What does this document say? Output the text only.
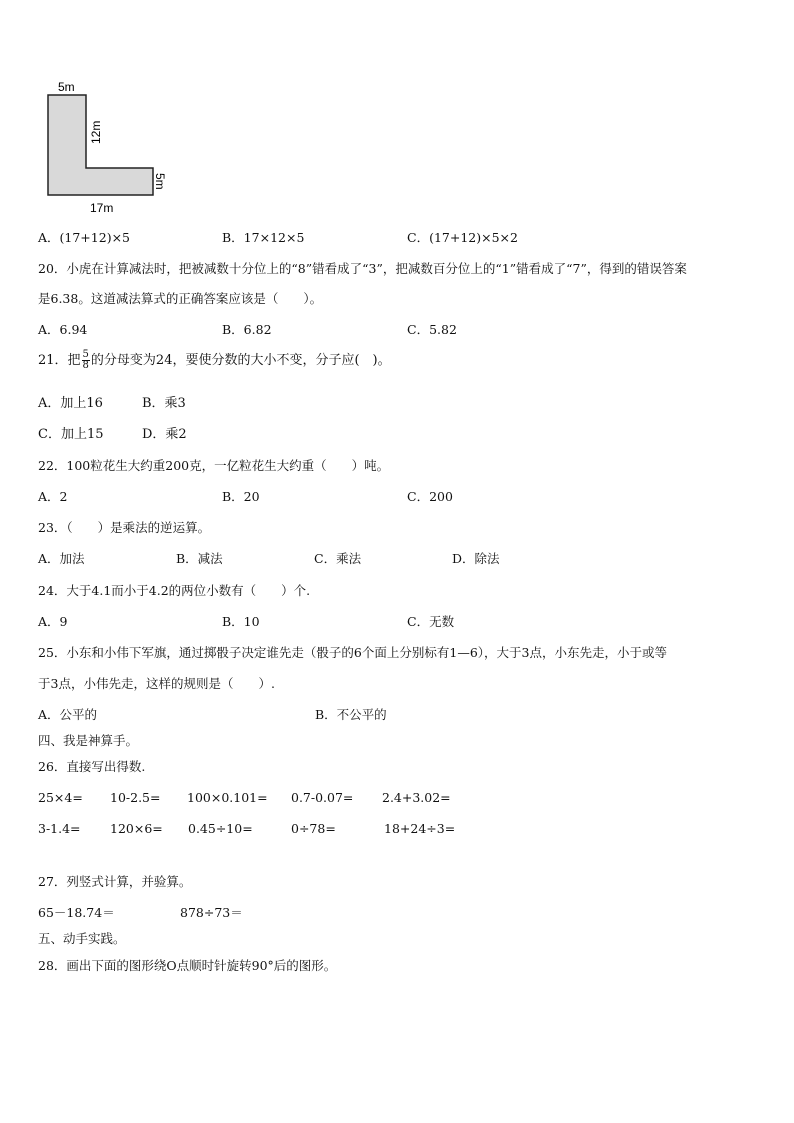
5m
12m
5m
17m
A．(17+12)×5	B．17×12×5	C．(17+12)×5×2
20．小虎在计算减法时，把被减数十分位上的“8”错看成了“3”，把减数百分位上的“1”错看成了“7”，得到的错误答案
是6.38。这道减法算式的正确答案应该是（　　）。
A．6.94	B．6.82	C．5.82
21．把 $\frac{5}{8}$ 的分母变为24，要使分数的大小不变，分子应(　)。
A．加上16	B．乘3
C．加上15	D．乘2
22．100粒花生大约重200克，一亿粒花生大约重（　　）吨。
A．2	B．20	C．200
23．（　　）是乘法的逆运算。
A．加法	B．减法	C．乘法	D．除法
24．大于4.1而小于4.2的两位小数有（　　）个.
A．9	B．10	C．无数
25．小东和小伟下军旗，通过掷骰子决定谁先走（骰子的6个面上分别标有1—6），大于3点，小东先走，小于或等
于3点，小伟先走，这样的规则是（　　）.
A．公平的	B．不公平的
四、我是神算手。
26．直接写出得数.
25×4= 10-2.5= 100×0.101= 0.7-0.07= 2.4+3.02=
3-1.4= 120×6= 0.45÷10=	0÷78=	18+24÷3=
27．列竖式计算，并验算。
65－18.74＝	878÷73＝
五、动手实践。
28．画出下面的图形绕O点顺时针旋转90°后的图形。
